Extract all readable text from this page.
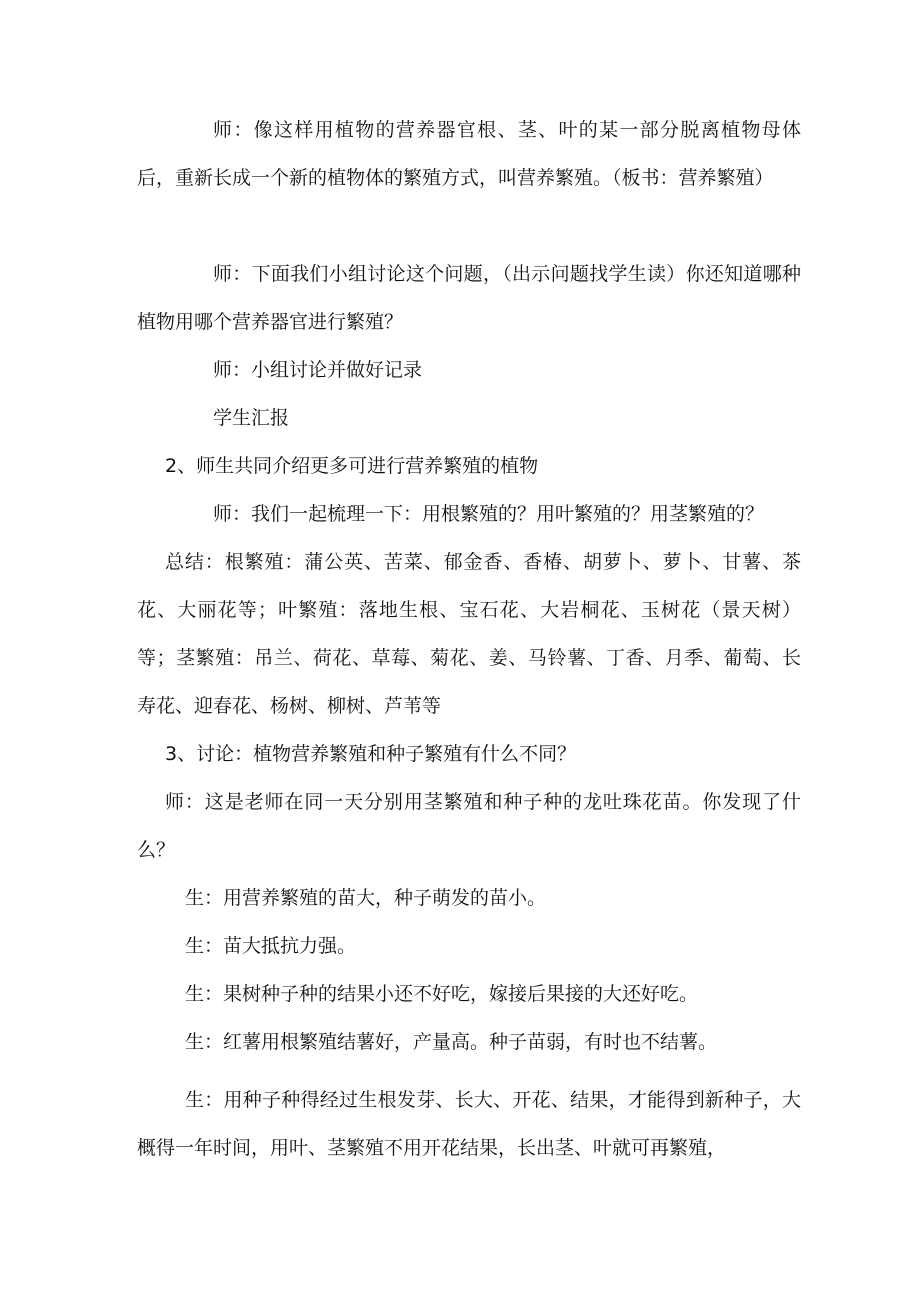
师：像这样用植物的营养器官根、茎、叶的某一部分脱离植物母体后，重新长成一个新的植物体的繁殖方式，叫营养繁殖。（板书：营养繁殖）

师：下面我们小组讨论这个问题，（出示问题找学生读）你还知道哪种植物用哪个营养器官进行繁殖？

师：小组讨论并做好记录

学生汇报

2、师生共同介绍更多可进行营养繁殖的植物

师：我们一起梳理一下：用根繁殖的？用叶繁殖的？用茎繁殖的？

总结：根繁殖：蒲公英、苦菜、郁金香、香椿、胡萝卜、萝卜、甘薯、茶花、大丽花等；叶繁殖：落地生根、宝石花、大岩桐花、玉树花（景天树）等；茎繁殖：吊兰、荷花、草莓、菊花、姜、马铃薯、丁香、月季、葡萄、长寿花、迎春花、杨树、柳树、芦苇等

3、讨论：植物营养繁殖和种子繁殖有什么不同？

师：这是老师在同一天分别用茎繁殖和种子种的龙吐珠花苗。你发现了什么？

生：用营养繁殖的苗大，种子萌发的苗小。

生：苗大抵抗力强。

生：果树种子种的结果小还不好吃，嫁接后果接的大还好吃。

生：红薯用根繁殖结薯好，产量高。种子苗弱，有时也不结薯。

生：用种子种得经过生根发芽、长大、开花、结果，才能得到新种子，大概得一年时间，用叶、茎繁殖不用开花结果，长出茎、叶就可再繁殖，
